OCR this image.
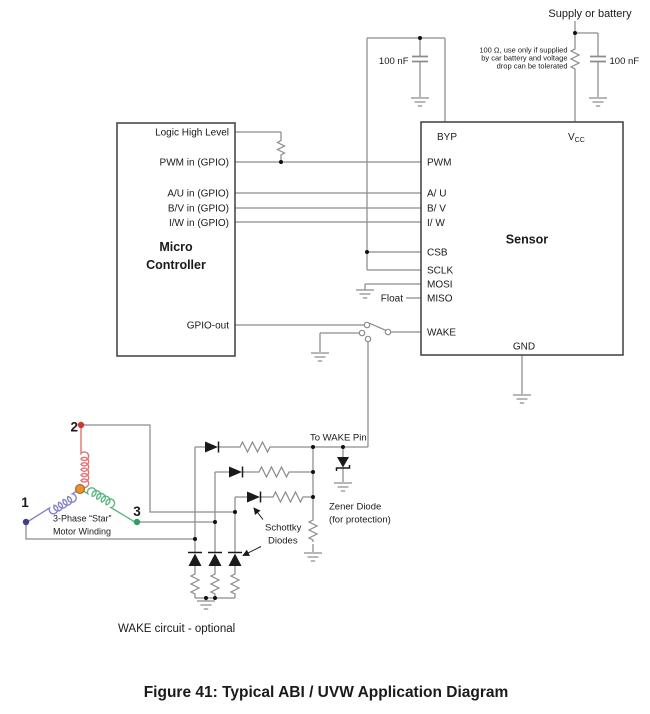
Supply or battery
100 Ω, use only if supplied
by car battery and voltage
drop can be tolerated	100 nF
100 nF
Logic High Level
PWM in (GPIO)
A/U in (GPIO)
B/V in (GPIO)
I/W in (GPIO)
GPIO-out
Micro
Controller
BYP	$V_{CC}$
PWM
A/ U
B/ V
I/ W
CSB
SCLK
MOSI
MISO
WAKE
GND
Sensor
Float
2
1
3
3-Phase “Star”
Motor Winding
To WAKE Pin
Zener Diode
(for protection)
Schottky
Diodes
WAKE circuit - optional
Figure 41: Typical ABI / UVW Application Diagram
